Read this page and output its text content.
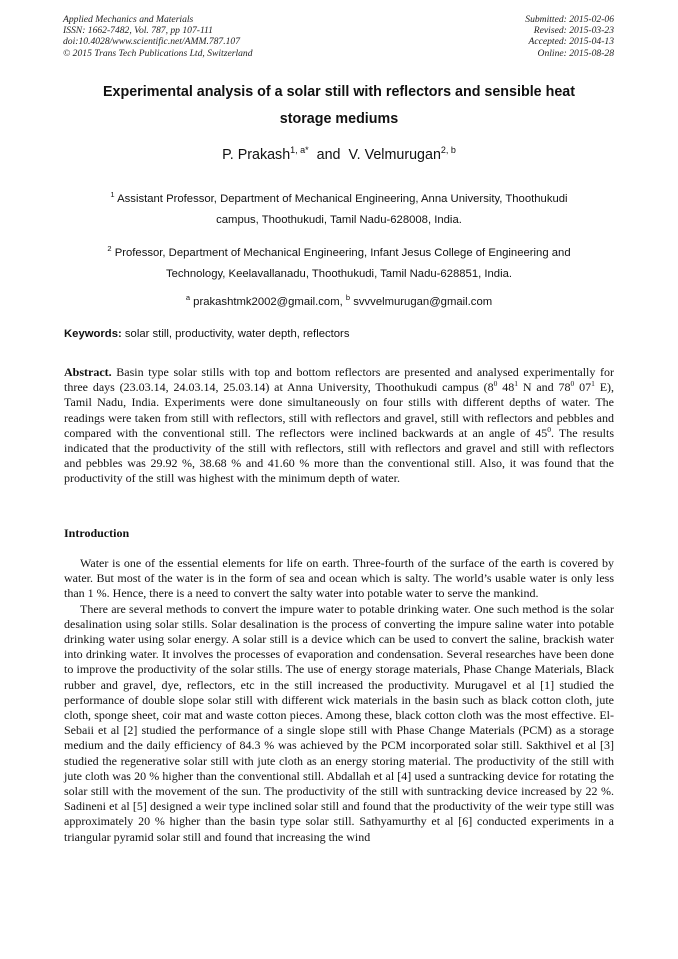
Applied Mechanics and Materials
ISSN: 1662-7482, Vol. 787, pp 107-111
doi:10.4028/www.scientific.net/AMM.787.107
© 2015 Trans Tech Publications Ltd, Switzerland
Submitted: 2015-02-06
Revised: 2015-03-23
Accepted: 2015-04-13
Online: 2015-08-28
Experimental analysis of a solar still with reflectors and sensible heat
storage mediums
P. Prakash$^{1, a*}$ and V. Velmurugan$^{2, b}$
$^1$ Assistant Professor, Department of Mechanical Engineering, Anna University, Thoothukudi
campus, Thoothukudi, Tamil Nadu-628008, India.
$^2$ Professor, Department of Mechanical Engineering, Infant Jesus College of Engineering and
Technology, Keelavallanadu, Thoothukudi, Tamil Nadu-628851, India.
$^a$ prakashtmk2002@gmail.com, $^b$ svvvelmurugan@gmail.com
Keywords: solar still, productivity, water depth, reflectors
Abstract. Basin type solar stills with top and bottom reflectors are presented and analysed experimentally for three days (23.03.14, 24.03.14, 25.03.14) at Anna University, Thoothukudi campus ($8^0$ $48^1$ N and $78^0$ $07^1$ E), Tamil Nadu, India. Experiments were done simultaneously on four stills with different depths of water. The readings were taken from still with reflectors, still with reflectors and gravel, still with reflectors and pebbles and compared with the conventional still. The reflectors were inclined backwards at an angle of $45^0$. The results indicated that the productivity of the still with reflectors, still with reflectors and gravel and still with reflectors and pebbles was 29.92 %, 38.68 % and 41.60 % more than the conventional still. Also, it was found that the productivity of the still was highest with the minimum depth of water.
Introduction

Water is one of the essential elements for life on earth. Three-fourth of the surface of the earth is covered by water. But most of the water is in the form of sea and ocean which is salty. The world’s usable water is only less than 1 %. Hence, there is a need to convert the salty water into potable water to serve the mankind.

There are several methods to convert the impure water to potable drinking water. One such method is the solar desalination using solar stills. Solar desalination is the process of converting the impure saline water into potable drinking water using solar energy. A solar still is a device which can be used to convert the saline, brackish water into drinking water. It involves the processes of evaporation and condensation. Several researches have been done to improve the productivity of the solar stills. The use of energy storage materials, Phase Change Materials, Black rubber and gravel, dye, reflectors, etc in the still increased the productivity. Murugavel et al [1] studied the performance of double slope solar still with different wick materials in the basin such as black cotton cloth, jute cloth, sponge sheet, coir mat and waste cotton pieces. Among these, black cotton cloth was the most effective. El-Sebaii et al [2] studied the performance of a single slope still with Phase Change Materials (PCM) as a storage medium and the daily efficiency of 84.3 % was achieved by the PCM incorporated solar still. Sakthivel et al [3] studied the regenerative solar still with jute cloth as an energy storing material. The productivity of the still with jute cloth was 20 % higher than the conventional still. Abdallah et al [4] used a suntracking device for rotating the solar still with the movement of the sun. The productivity of the still with suntracking device increased by 22 %. Sadineni et al [5] designed a weir type inclined solar still and found that the productivity of the weir type still was approximately 20 % higher than the basin type solar still. Sathyamurthy et al [6] conducted experiments in a triangular pyramid solar still and found that increasing the wind
